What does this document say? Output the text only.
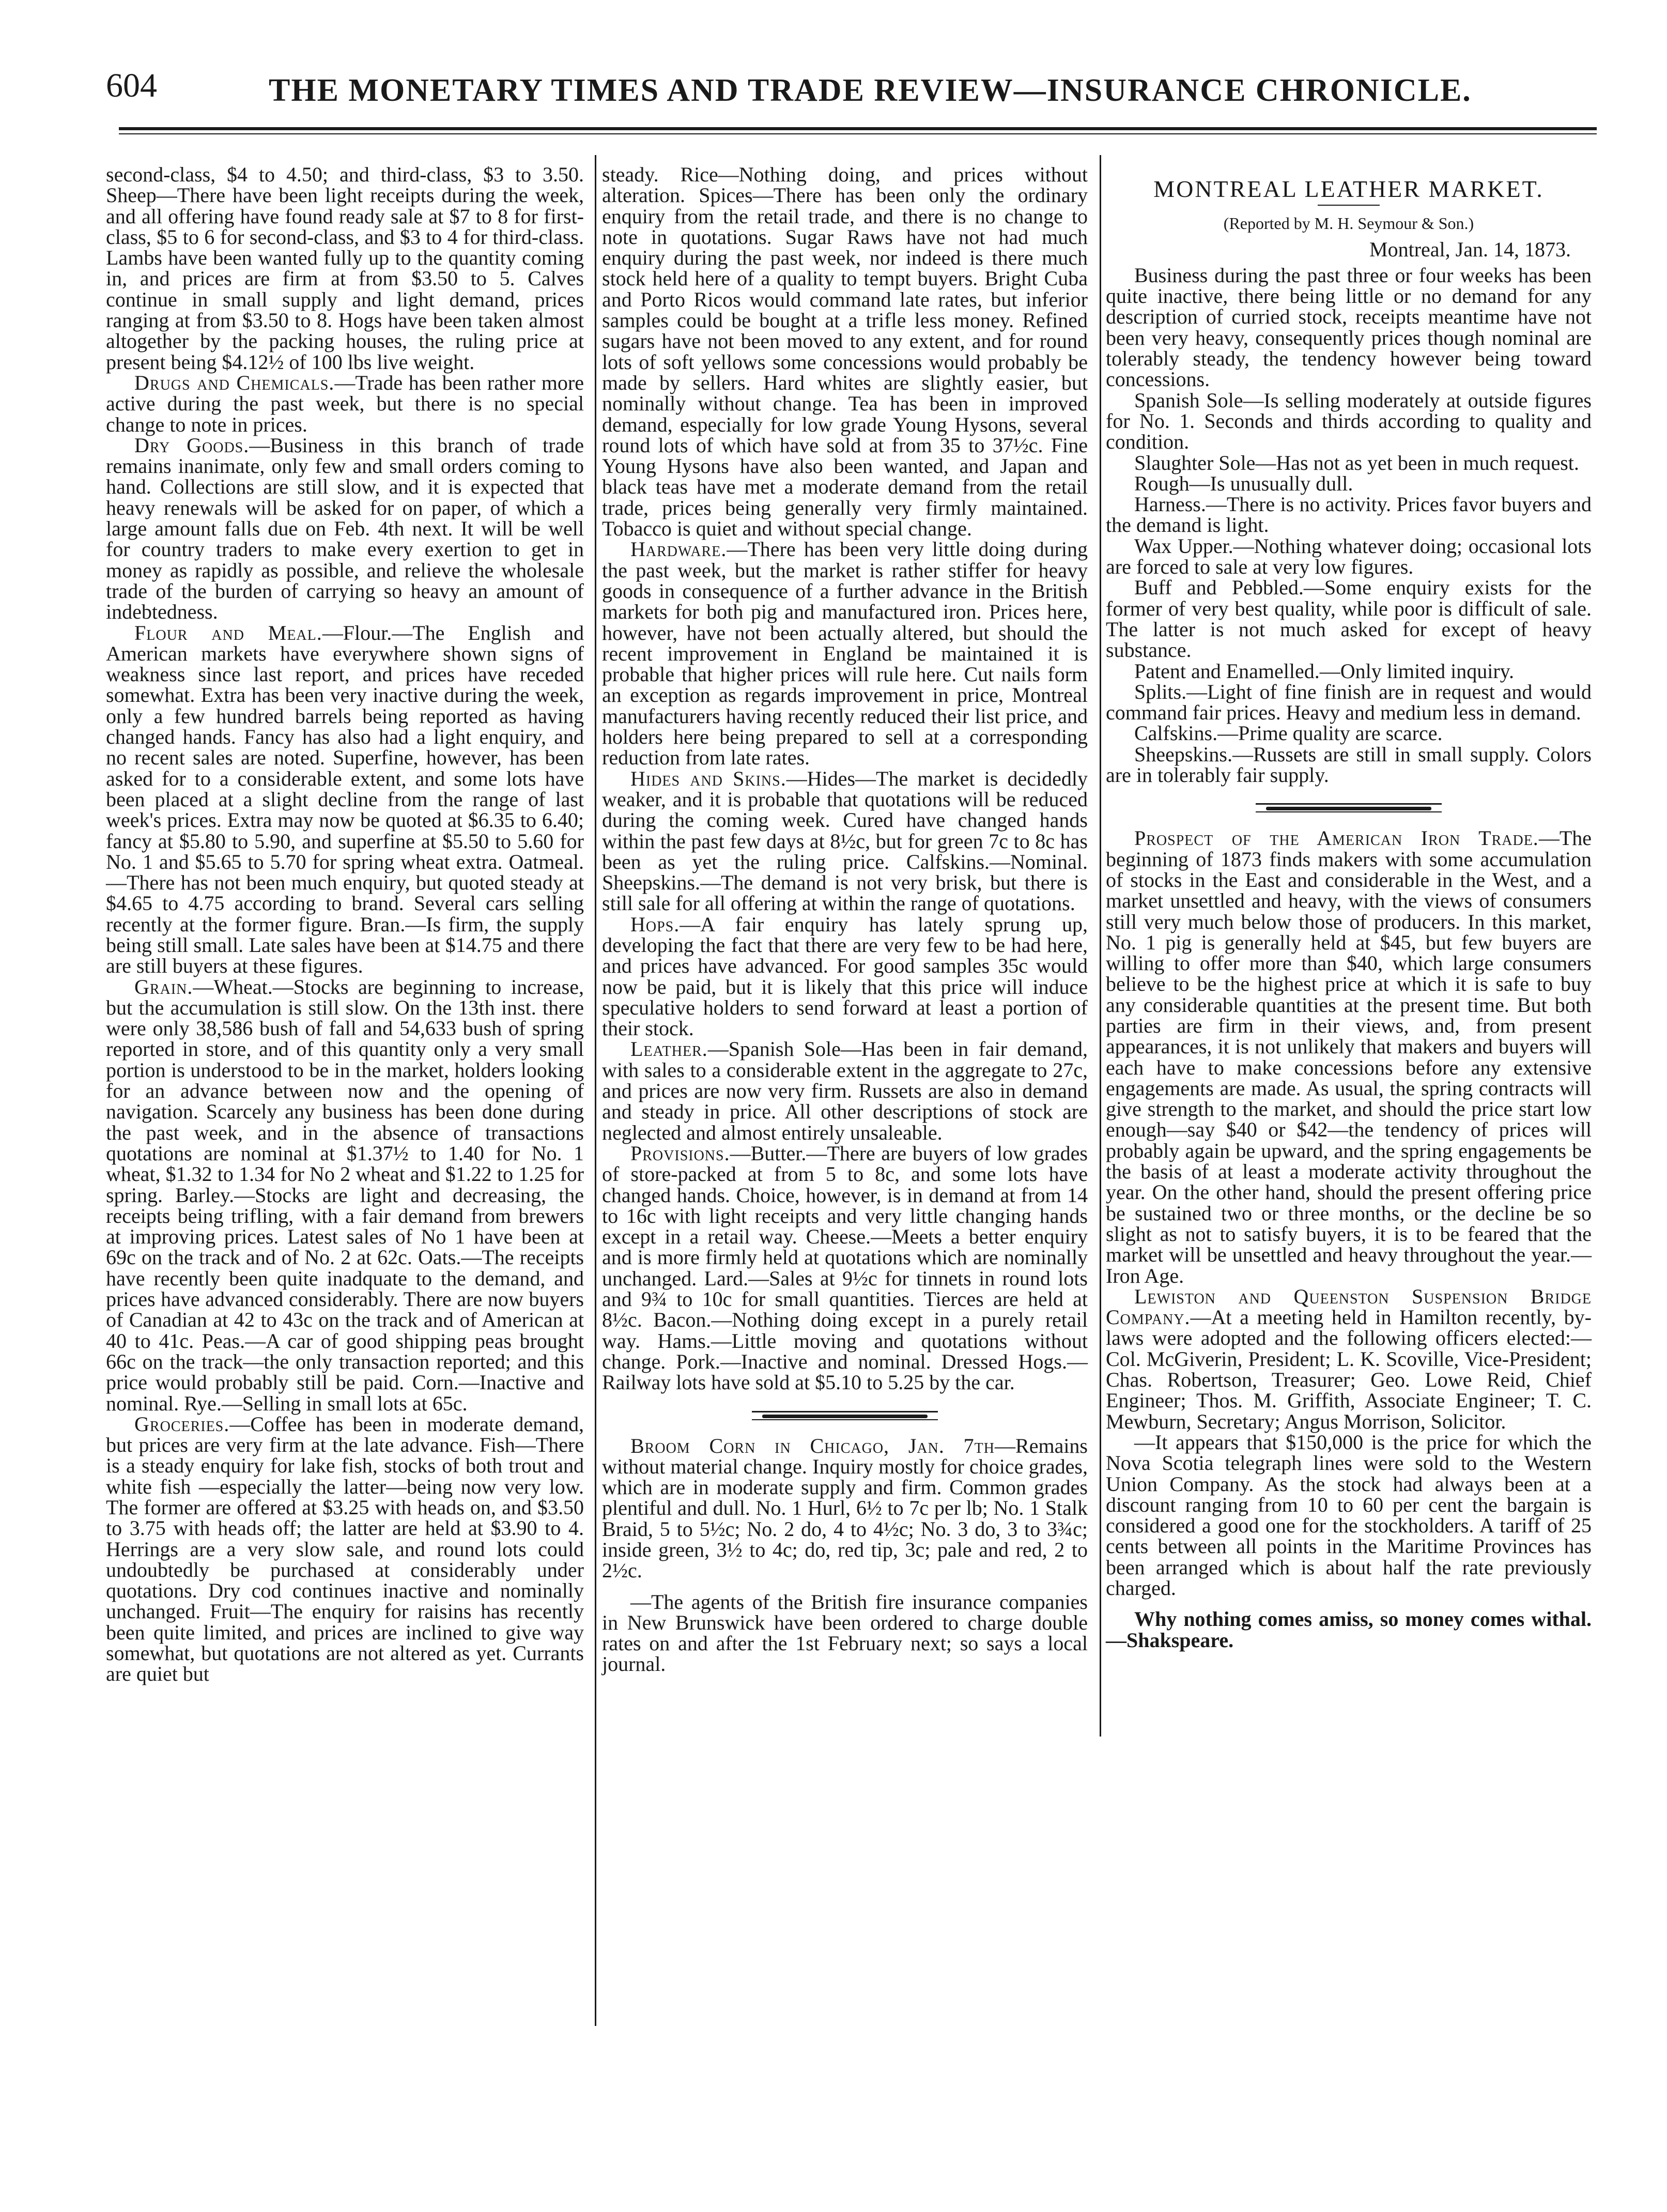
604	THE MONETARY TIMES AND TRADE REVIEW—INSURANCE CHRONICLE.

second-class, $4 to 4.50; and third-class, $3 to 3.50. Sheep—There have been light receipts during the week, and all offering have found ready sale at $7 to 8 for first-class, $5 to 6 for second-class, and $3 to 4 for third-class. Lambs have been wanted fully up to the quantity coming in, and prices are firm at from $3.50 to 5. Calves continue in small supply and light demand, prices ranging at from $3.50 to 8. Hogs have been taken almost altogether by the packing houses, the ruling price at present being $4.12½ of 100 lbs live weight.

Drugs and Chemicals.—Trade has been rather more active during the past week, but there is no special change to note in prices.

Dry Goods.—Business in this branch of trade remains inanimate, only few and small orders coming to hand. Collections are still slow, and it is expected that heavy renewals will be asked for on paper, of which a large amount falls due on Feb. 4th next. It will be well for country traders to make every exertion to get in money as rapidly as possible, and relieve the wholesale trade of the burden of carrying so heavy an amount of indebtedness.

Flour and Meal.—Flour.—The English and American markets have everywhere shown signs of weakness since last report, and prices have receded somewhat. Extra has been very inactive during the week, only a few hundred barrels being reported as having changed hands. Fancy has also had a light enquiry, and no recent sales are noted. Superfine, however, has been asked for to a considerable extent, and some lots have been placed at a slight decline from the range of last week's prices. Extra may now be quoted at $6.35 to 6.40; fancy at $5.80 to 5.90, and superfine at $5.50 to 5.60 for No. 1 and $5.65 to 5.70 for spring wheat extra. Oatmeal.—There has not been much enquiry, but quoted steady at $4.65 to 4.75 according to brand. Several cars selling recently at the former figure. Bran.—Is firm, the supply being still small. Late sales have been at $14.75 and there are still buyers at these figures.

Grain.—Wheat.—Stocks are beginning to increase, but the accumulation is still slow. On the 13th inst. there were only 38,586 bush of fall and 54,633 bush of spring reported in store, and of this quantity only a very small portion is understood to be in the market, holders looking for an advance between now and the opening of navigation. Scarcely any business has been done during the past week, and in the absence of transactions quotations are nominal at $1.37½ to 1.40 for No. 1 wheat, $1.32 to 1.34 for No 2 wheat and $1.22 to 1.25 for spring. Barley.—Stocks are light and decreasing, the receipts being trifling, with a fair demand from brewers at improving prices. Latest sales of No 1 have been at 69c on the track and of No. 2 at 62c. Oats.—The receipts have recently been quite inadquate to the demand, and prices have advanced considerably. There are now buyers of Canadian at 42 to 43c on the track and of American at 40 to 41c. Peas.—A car of good shipping peas brought 66c on the track—the only transaction reported; and this price would probably still be paid. Corn.—Inactive and nominal. Rye.—Selling in small lots at 65c.

Groceries.—Coffee has been in moderate demand, but prices are very firm at the late advance. Fish—There is a steady enquiry for lake fish, stocks of both trout and white fish —especially the latter—being now very low. The former are offered at $3.25 with heads on, and $3.50 to 3.75 with heads off; the latter are held at $3.90 to 4. Herrings are a very slow sale, and round lots could undoubtedly be purchased at considerably under quotations. Dry cod continues inactive and nominally unchanged. Fruit—The enquiry for raisins has recently been quite limited, and prices are inclined to give way somewhat, but quotations are not altered as yet. Currants are quiet but

steady. Rice—Nothing doing, and prices without alteration. Spices—There has been only the ordinary enquiry from the retail trade, and there is no change to note in quotations. Sugar Raws have not had much enquiry during the past week, nor indeed is there much stock held here of a quality to tempt buyers. Bright Cuba and Porto Ricos would command late rates, but inferior samples could be bought at a trifle less money. Refined sugars have not been moved to any extent, and for round lots of soft yellows some concessions would probably be made by sellers. Hard whites are slightly easier, but nominally without change. Tea has been in improved demand, especially for low grade Young Hysons, several round lots of which have sold at from 35 to 37½c. Fine Young Hysons have also been wanted, and Japan and black teas have met a moderate demand from the retail trade, prices being generally very firmly maintained. Tobacco is quiet and without special change.

Hardware.—There has been very little doing during the past week, but the market is rather stiffer for heavy goods in consequence of a further advance in the British markets for both pig and manufactured iron. Prices here, however, have not been actually altered, but should the recent improvement in England be maintained it is probable that higher prices will rule here. Cut nails form an exception as regards improvement in price, Montreal manufacturers having recently reduced their list price, and holders here being prepared to sell at a corresponding reduction from late rates.

Hides and Skins.—Hides—The market is decidedly weaker, and it is probable that quotations will be reduced during the coming week. Cured have changed hands within the past few days at 8½c, but for green 7c to 8c has been as yet the ruling price. Calfskins.—Nominal. Sheepskins.—The demand is not very brisk, but there is still sale for all offering at within the range of quotations.

Hops.—A fair enquiry has lately sprung up, developing the fact that there are very few to be had here, and prices have advanced. For good samples 35c would now be paid, but it is likely that this price will induce speculative holders to send forward at least a portion of their stock.

Leather.—Spanish Sole—Has been in fair demand, with sales to a considerable extent in the aggregate to 27c, and prices are now very firm. Russets are also in demand and steady in price. All other descriptions of stock are neglected and almost entirely unsaleable.

Provisions.—Butter.—There are buyers of low grades of store-packed at from 5 to 8c, and some lots have changed hands. Choice, however, is in demand at from 14 to 16c with light receipts and very little changing hands except in a retail way. Cheese.—Meets a better enquiry and is more firmly held at quotations which are nominally unchanged. Lard.—Sales at 9½c for tinnets in round lots and 9¾ to 10c for small quantities. Tierces are held at 8½c. Bacon.—Nothing doing except in a purely retail way. Hams.—Little moving and quotations without change. Pork.—Inactive and nominal. Dressed Hogs.—Railway lots have sold at $5.10 to 5.25 by the car.

Broom Corn in Chicago, Jan. 7th—Remains without material change. Inquiry mostly for choice grades, which are in moderate supply and firm. Common grades plentiful and dull. No. 1 Hurl, 6½ to 7c per lb; No. 1 Stalk Braid, 5 to 5½c; No. 2 do, 4 to 4½c; No. 3 do, 3 to 3¾c; inside green, 3½ to 4c; do, red tip, 3c; pale and red, 2 to 2½c.

—The agents of the British fire insurance companies in New Brunswick have been ordered to charge double rates on and after the 1st February next; so says a local journal.

MONTREAL LEATHER MARKET.
(Reported by M. H. Seymour & Son.)
Montreal, Jan. 14, 1873.

Business during the past three or four weeks has been quite inactive, there being little or no demand for any description of curried stock, receipts meantime have not been very heavy, consequently prices though nominal are tolerably steady, the tendency however being toward concessions.

Spanish Sole—Is selling moderately at outside figures for No. 1. Seconds and thirds according to quality and condition.

Slaughter Sole—Has not as yet been in much request.

Rough—Is unusually dull.

Harness.—There is no activity. Prices favor buyers and the demand is light.

Wax Upper.—Nothing whatever doing; occasional lots are forced to sale at very low figures.

Buff and Pebbled.—Some enquiry exists for the former of very best quality, while poor is difficult of sale. The latter is not much asked for except of heavy substance.

Patent and Enamelled.—Only limited inquiry.

Splits.—Light of fine finish are in request and would command fair prices. Heavy and medium less in demand.

Calfskins.—Prime quality are scarce.

Sheepskins.—Russets are still in small supply. Colors are in tolerably fair supply.

Prospect of the American Iron Trade.—The beginning of 1873 finds makers with some accumulation of stocks in the East and considerable in the West, and a market unsettled and heavy, with the views of consumers still very much below those of producers. In this market, No. 1 pig is generally held at $45, but few buyers are willing to offer more than $40, which large consumers believe to be the highest price at which it is safe to buy any considerable quantities at the present time. But both parties are firm in their views, and, from present appearances, it is not unlikely that makers and buyers will each have to make concessions before any extensive engagements are made. As usual, the spring contracts will give strength to the market, and should the price start low enough—say $40 or $42—the tendency of prices will probably again be upward, and the spring engagements be the basis of at least a moderate activity throughout the year. On the other hand, should the present offering price be sustained two or three months, or the decline be so slight as not to satisfy buyers, it is to be feared that the market will be unsettled and heavy throughout the year.—Iron Age.

Lewiston and Queenston Suspension Bridge Company.—At a meeting held in Hamilton recently, by-laws were adopted and the following officers elected:—Col. McGiverin, President; L. K. Scoville, Vice-President; Chas. Robertson, Treasurer; Geo. Lowe Reid, Chief Engineer; Thos. M. Griffith, Associate Engineer; T. C. Mewburn, Secretary; Angus Morrison, Solicitor.

—It appears that $150,000 is the price for which the Nova Scotia telegraph lines were sold to the Western Union Company. As the stock had always been at a discount ranging from 10 to 60 per cent the bargain is considered a good one for the stockholders. A tariff of 25 cents between all points in the Maritime Provinces has been arranged which is about half the rate previously charged.

Why nothing comes amiss, so money comes withal.—Shakspeare.
